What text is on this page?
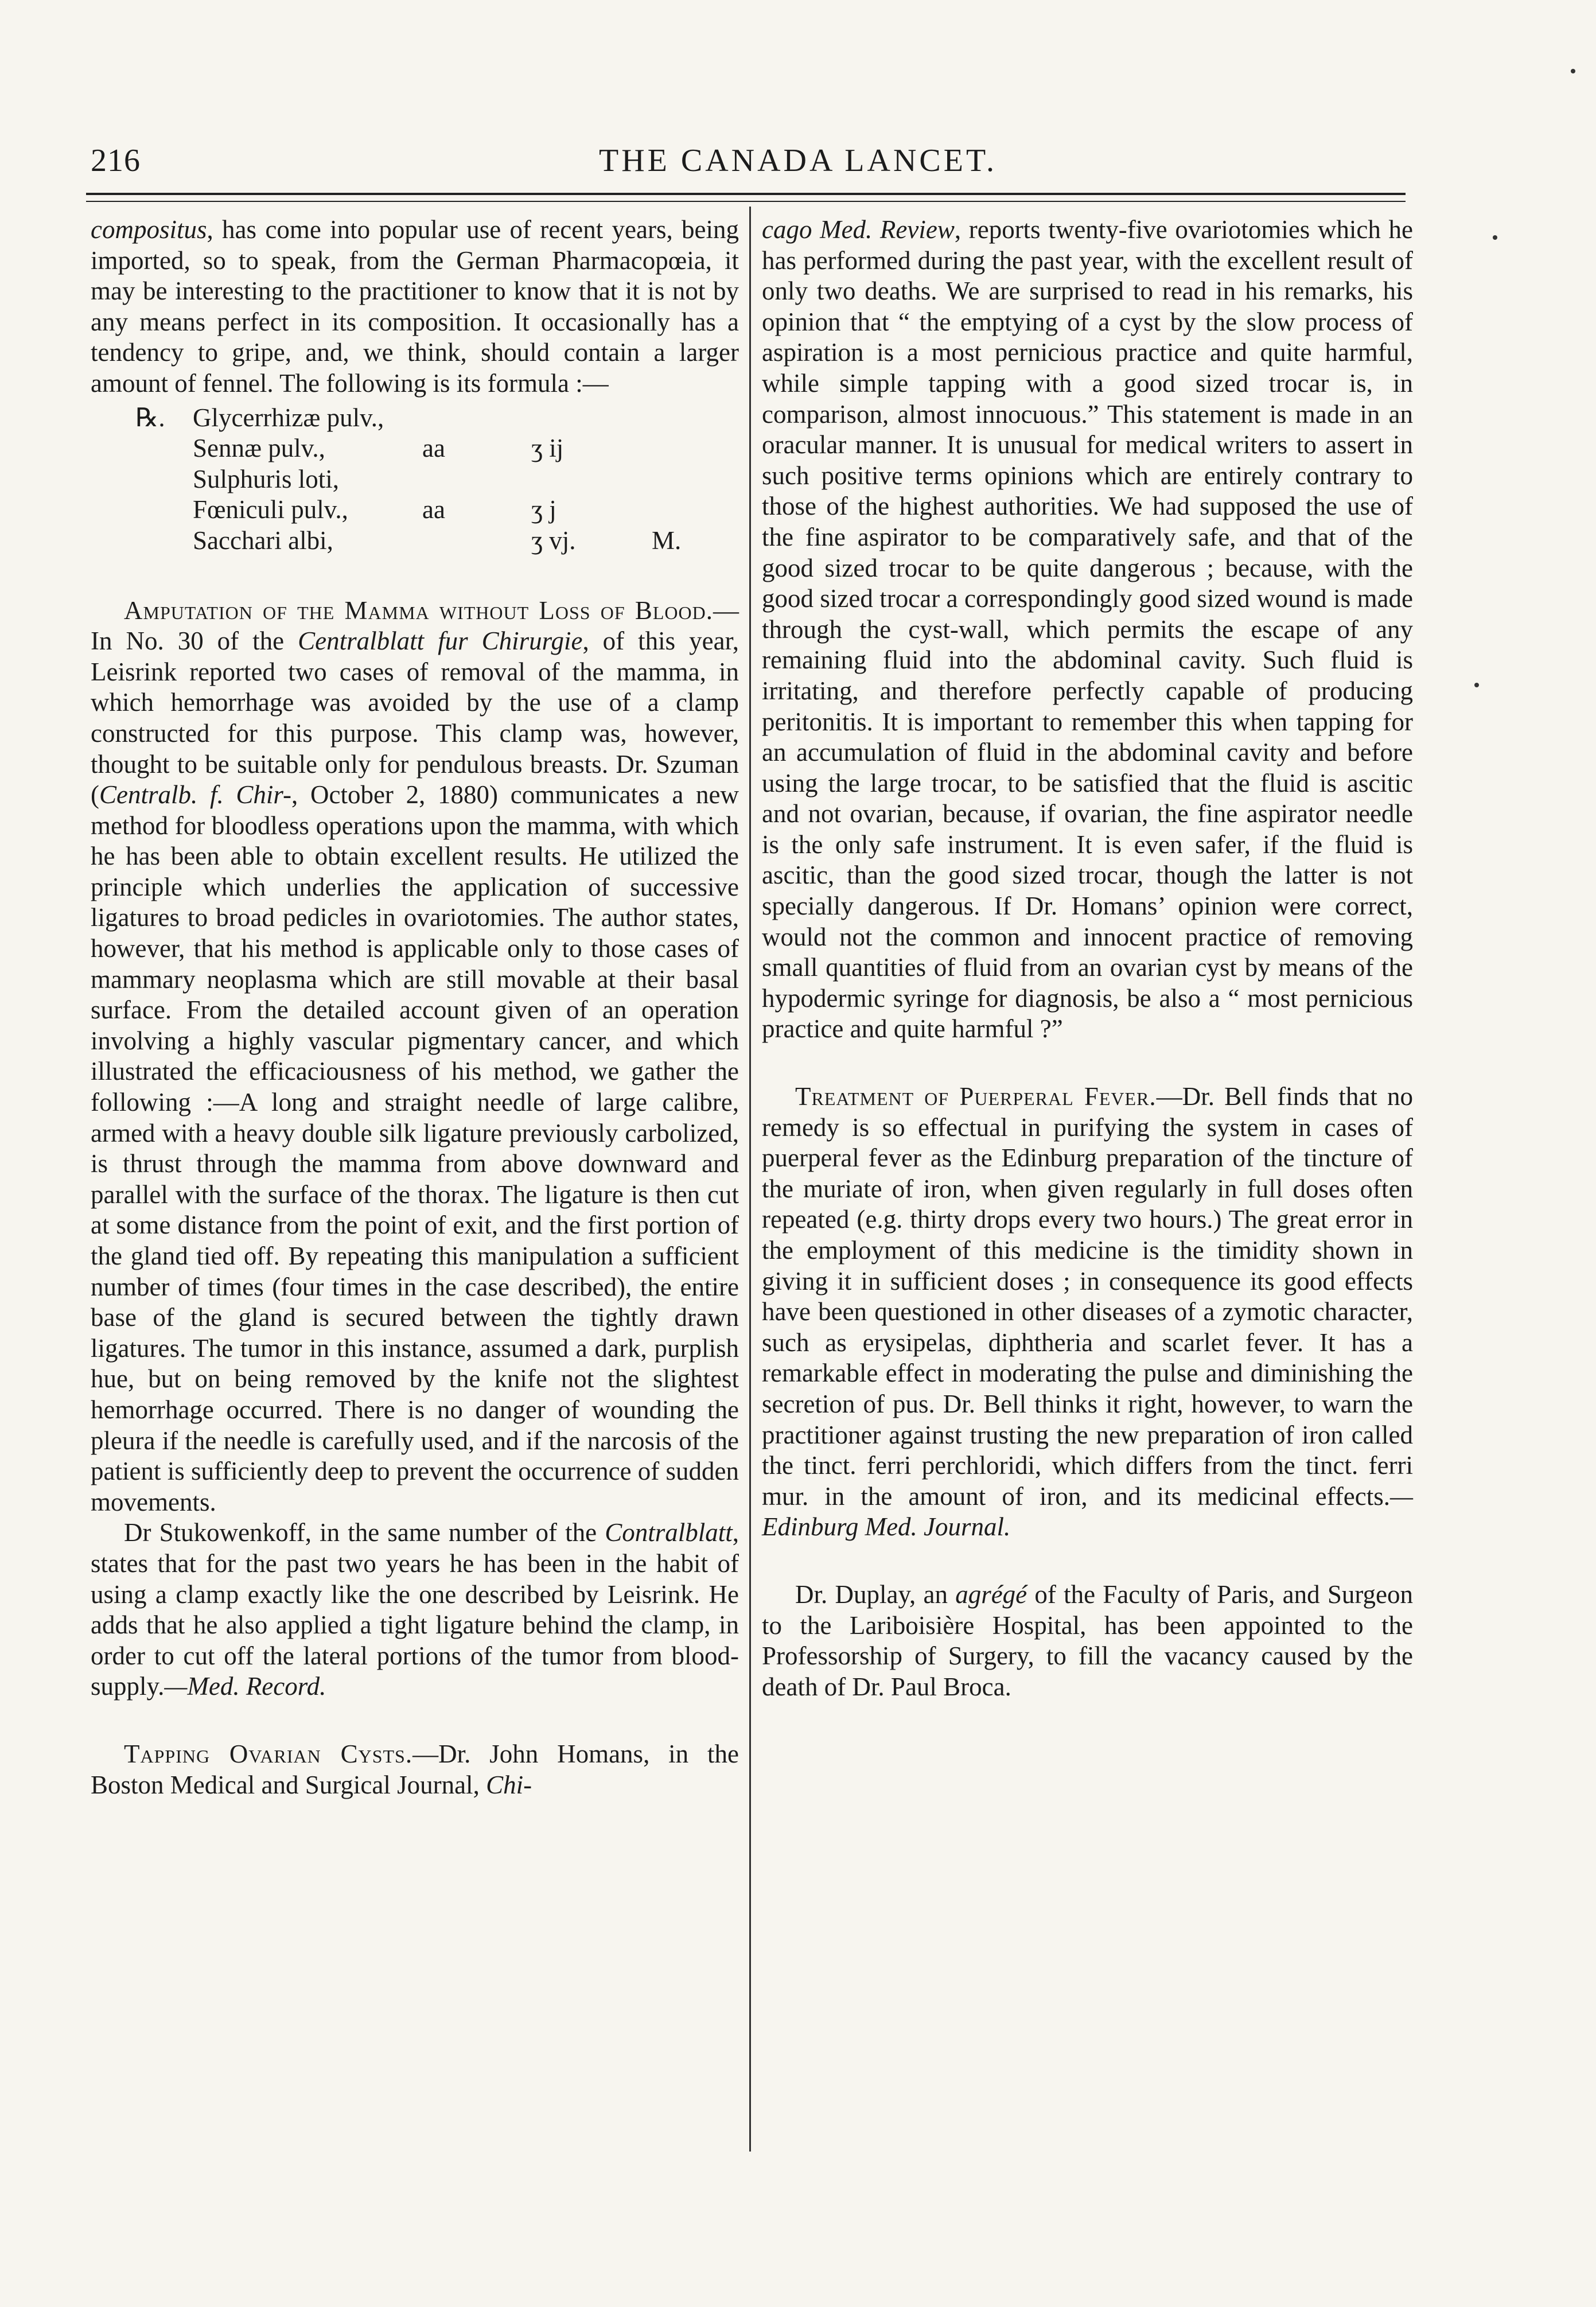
216	THE CANADA LANCET.

compositus, has come into popular use of recent years, being imported, so to speak, from the German Pharmacopœia, it may be interesting to the practitioner to know that it is not by any means perfect in its composition. It occasionally has a tendency to gripe, and, we think, should contain a larger amount of fennel. The following is its formula :—

℞.	Glycerrhizæ pulv.,
Sennæ pulv.,	aa	ʒ ij
Sulphuris loti,
Fœniculi pulv.,	aa	ʒ j
Sacchari albi,	ʒ vj.	M.

Amputation of the Mamma without Loss of Blood.—In No. 30 of the Centralblatt fur Chirurgie, of this year, Leisrink reported two cases of removal of the mamma, in which hemorrhage was avoided by the use of a clamp constructed for this purpose. This clamp was, however, thought to be suitable only for pendulous breasts. Dr. Szuman (Centralb. f. Chir-, October 2, 1880) communicates a new method for bloodless operations upon the mamma, with which he has been able to obtain excellent results. He utilized the principle which underlies the application of successive ligatures to broad pedicles in ovariotomies. The author states, however, that his method is applicable only to those cases of mammary neoplasma which are still movable at their basal surface. From the detailed account given of an operation involving a highly vascular pigmentary cancer, and which illustrated the efficaciousness of his method, we gather the following :—A long and straight needle of large calibre, armed with a heavy double silk ligature previously carbolized, is thrust through the mamma from above downward and parallel with the surface of the thorax. The ligature is then cut at some distance from the point of exit, and the first portion of the gland tied off. By repeating this manipulation a sufficient number of times (four times in the case described), the entire base of the gland is secured between the tightly drawn ligatures. The tumor in this instance, assumed a dark, purplish hue, but on being removed by the knife not the slightest hemorrhage occurred. There is no danger of wounding the pleura if the needle is carefully used, and if the narcosis of the patient is sufficiently deep to prevent the occurrence of sudden movements.

Dr Stukowenkoff, in the same number of the Contralblatt, states that for the past two years he has been in the habit of using a clamp exactly like the one described by Leisrink. He adds that he also applied a tight ligature behind the clamp, in order to cut off the lateral portions of the tumor from blood-supply.—Med. Record.

Tapping Ovarian Cysts.—Dr. John Homans, in the Boston Medical and Surgical Journal, Chi-

cago Med. Review, reports twenty-five ovariotomies which he has performed during the past year, with the excellent result of only two deaths. We are surprised to read in his remarks, his opinion that “ the emptying of a cyst by the slow process of aspiration is a most pernicious practice and quite harmful, while simple tapping with a good sized trocar is, in comparison, almost innocuous.” This statement is made in an oracular manner. It is unusual for medical writers to assert in such positive terms opinions which are entirely contrary to those of the highest authorities. We had supposed the use of the fine aspirator to be comparatively safe, and that of the good sized trocar to be quite dangerous ; because, with the good sized trocar a correspondingly good sized wound is made through the cyst-wall, which permits the escape of any remaining fluid into the abdominal cavity. Such fluid is irritating, and therefore perfectly capable of producing peritonitis. It is important to remember this when tapping for an accumulation of fluid in the abdominal cavity and before using the large trocar, to be satisfied that the fluid is ascitic and not ovarian, because, if ovarian, the fine aspirator needle is the only safe instrument. It is even safer, if the fluid is ascitic, than the good sized trocar, though the latter is not specially dangerous. If Dr. Homans’ opinion were correct, would not the common and innocent practice of removing small quantities of fluid from an ovarian cyst by means of the hypodermic syringe for diagnosis, be also a “ most pernicious practice and quite harmful ?”

Treatment of Puerperal Fever.—Dr. Bell finds that no remedy is so effectual in purifying the system in cases of puerperal fever as the Edinburg preparation of the tincture of the muriate of iron, when given regularly in full doses often repeated (e.g. thirty drops every two hours.) The great error in the employment of this medicine is the timidity shown in giving it in sufficient doses ; in consequence its good effects have been questioned in other diseases of a zymotic character, such as erysipelas, diphtheria and scarlet fever. It has a remarkable effect in moderating the pulse and diminishing the secretion of pus. Dr. Bell thinks it right, however, to warn the practitioner against trusting the new preparation of iron called the tinct. ferri perchloridi, which differs from the tinct. ferri mur. in the amount of iron, and its medicinal effects.—Edinburg Med. Journal.

Dr. Duplay, an agrégé of the Faculty of Paris, and Surgeon to the Lariboisière Hospital, has been appointed to the Professorship of Surgery, to fill the vacancy caused by the death of Dr. Paul Broca.
